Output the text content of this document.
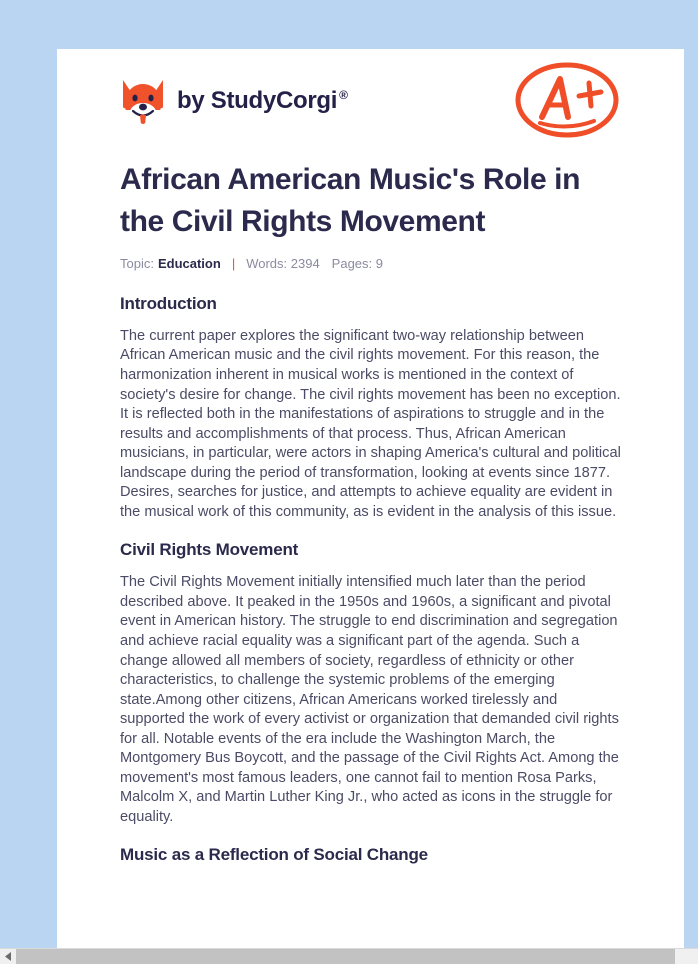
by StudyCorgi ®
African American Music's Role in the Civil Rights Movement
Topic: Education | Words: 2394 Pages: 9
Introduction

The current paper explores the significant two-way relationship between African American music and the civil rights movement. For this reason, the harmonization inherent in musical works is mentioned in the context of society's desire for change. The civil rights movement has been no exception. It is reflected both in the manifestations of aspirations to struggle and in the results and accomplishments of that process. Thus, African American musicians, in particular, were actors in shaping America's cultural and political landscape during the period of transformation, looking at events since 1877. Desires, searches for justice, and attempts to achieve equality are evident in the musical work of this community, as is evident in the analysis of this issue.

Civil Rights Movement

The Civil Rights Movement initially intensified much later than the period described above. It peaked in the 1950s and 1960s, a significant and pivotal event in American history. The struggle to end discrimination and segregation and achieve racial equality was a significant part of the agenda. Such a change allowed all members of society, regardless of ethnicity or other characteristics, to challenge the systemic problems of the emerging state.Among other citizens, African Americans worked tirelessly and supported the work of every activist or organization that demanded civil rights for all. Notable events of the era include the Washington March, the Montgomery Bus Boycott, and the passage of the Civil Rights Act. Among the movement's most famous leaders, one cannot fail to mention Rosa Parks, Malcolm X, and Martin Luther King Jr., who acted as icons in the struggle for equality.

Music as a Reflection of Social Change
